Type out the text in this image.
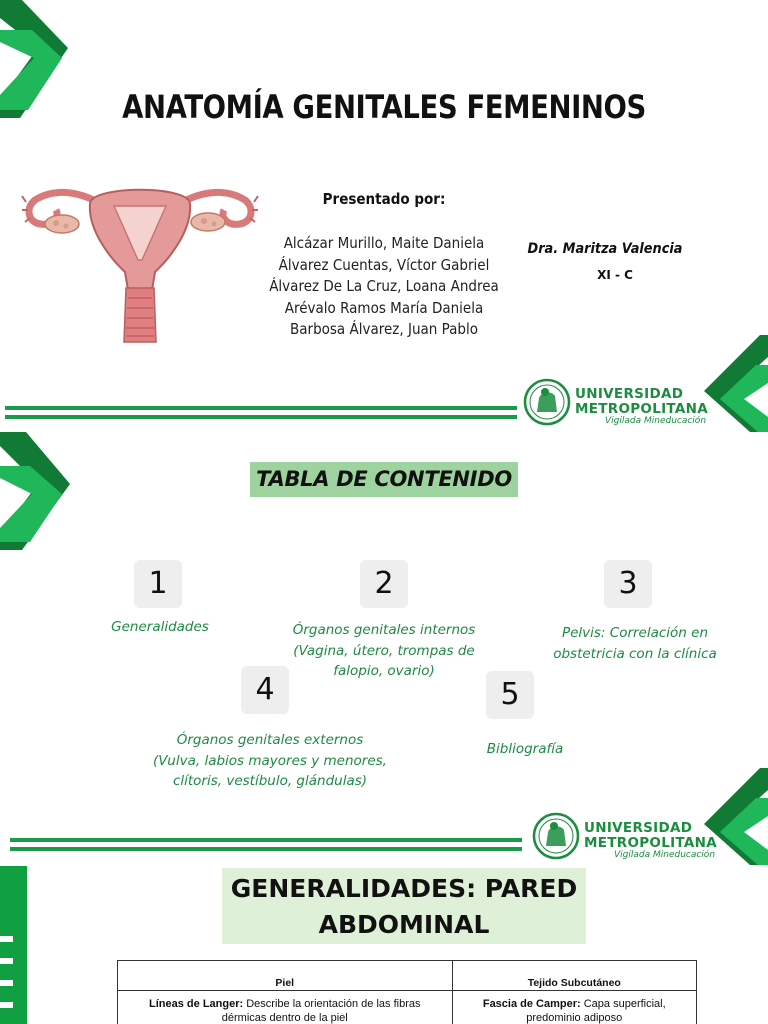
ANATOMÍA GENITALES FEMENINOS
Presentado por:
Alcázar Murillo, Maite Daniela
Álvarez Cuentas, Víctor Gabriel
Álvarez De La Cruz, Loana Andrea
Arévalo Ramos María Daniela
Barbosa Álvarez, Juan Pablo
Dra. Maritza Valencia
XI - C
UNIVERSIDAD
METROPOLITANA
Vigilada Mineducación
TABLA DE CONTENIDO
1
Generalidades
2
Órganos genitales internos
(Vagina, útero, trompas de
falopio, ovario)
3
Pelvis: Correlación en
obstetricia con la clínica
4
Órganos genitales externos
(Vulva, labios mayores y menores,
clítoris, vestíbulo, glándulas)
5
Bibliografía
UNIVERSIDAD
METROPOLITANA
Vigilada Mineducación
GENERALIDADES: PARED
ABDOMINAL
Piel	Tejido Subcutáneo
Líneas de Langer: Describe la orientación de las fibras dérmicas dentro de la piel	Fascia de Camper: Capa superficial, predominio adiposo
